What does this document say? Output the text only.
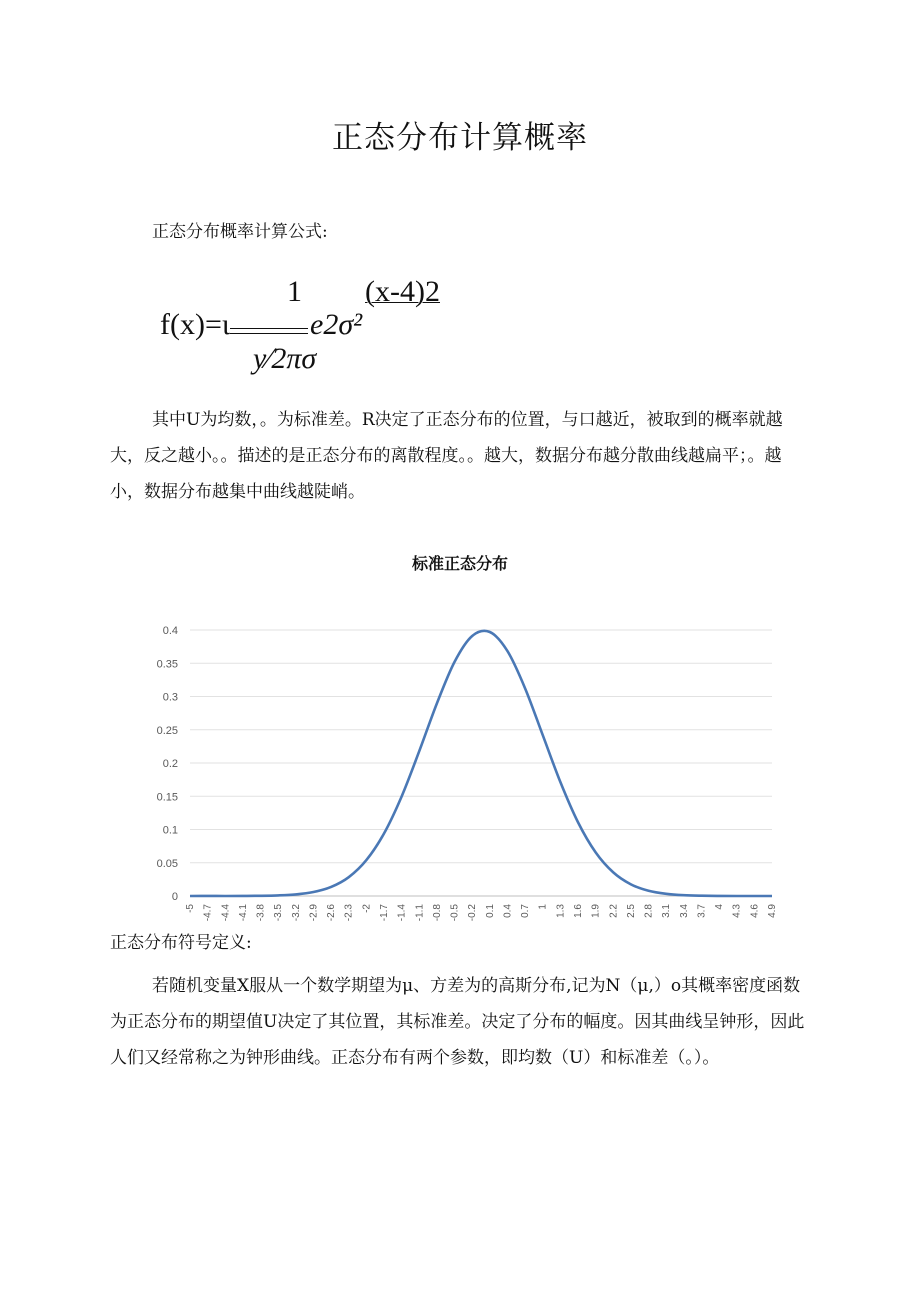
正态分布计算概率

正态分布概率计算公式:

1 (x-4)2
f(x)=ι	e2σ²
y∕2πσ

其中U为均数，。为标准差。R决定了正态分布的位置，与口越近，被取到的概率就越大，反之越小。。描述的是正态分布的离散程度。。越大，数据分布越分散曲线越扁平；。越小，数据分布越集中曲线越陡峭。

标准正态分布
0
0.05
0.1
0.15
0.2
0.25
0.3
0.35
0.4
-5 -4.7 -4.4 -4.1 -3.8 -3.5 -3.2 -2.9 -2.6 -2.3 -2 -1.7 -1.4 -1.1 -0.8 -0.5 -0.2 0.1 0.4 0.7 1 1.3 1.6 1.9 2.2 2.5 2.8 3.1 3.4 3.7 4 4.3 4.6 4.9

正态分布符号定义:

若随机变量X服从一个数学期望为μ、方差为的高斯分布,记为N（μ,）o其概率密度函数为正态分布的期望值U决定了其位置，其标准差。决定了分布的幅度。因其曲线呈钟形，因此人们又经常称之为钟形曲线。正态分布有两个参数，即均数（U）和标准差（。）。
